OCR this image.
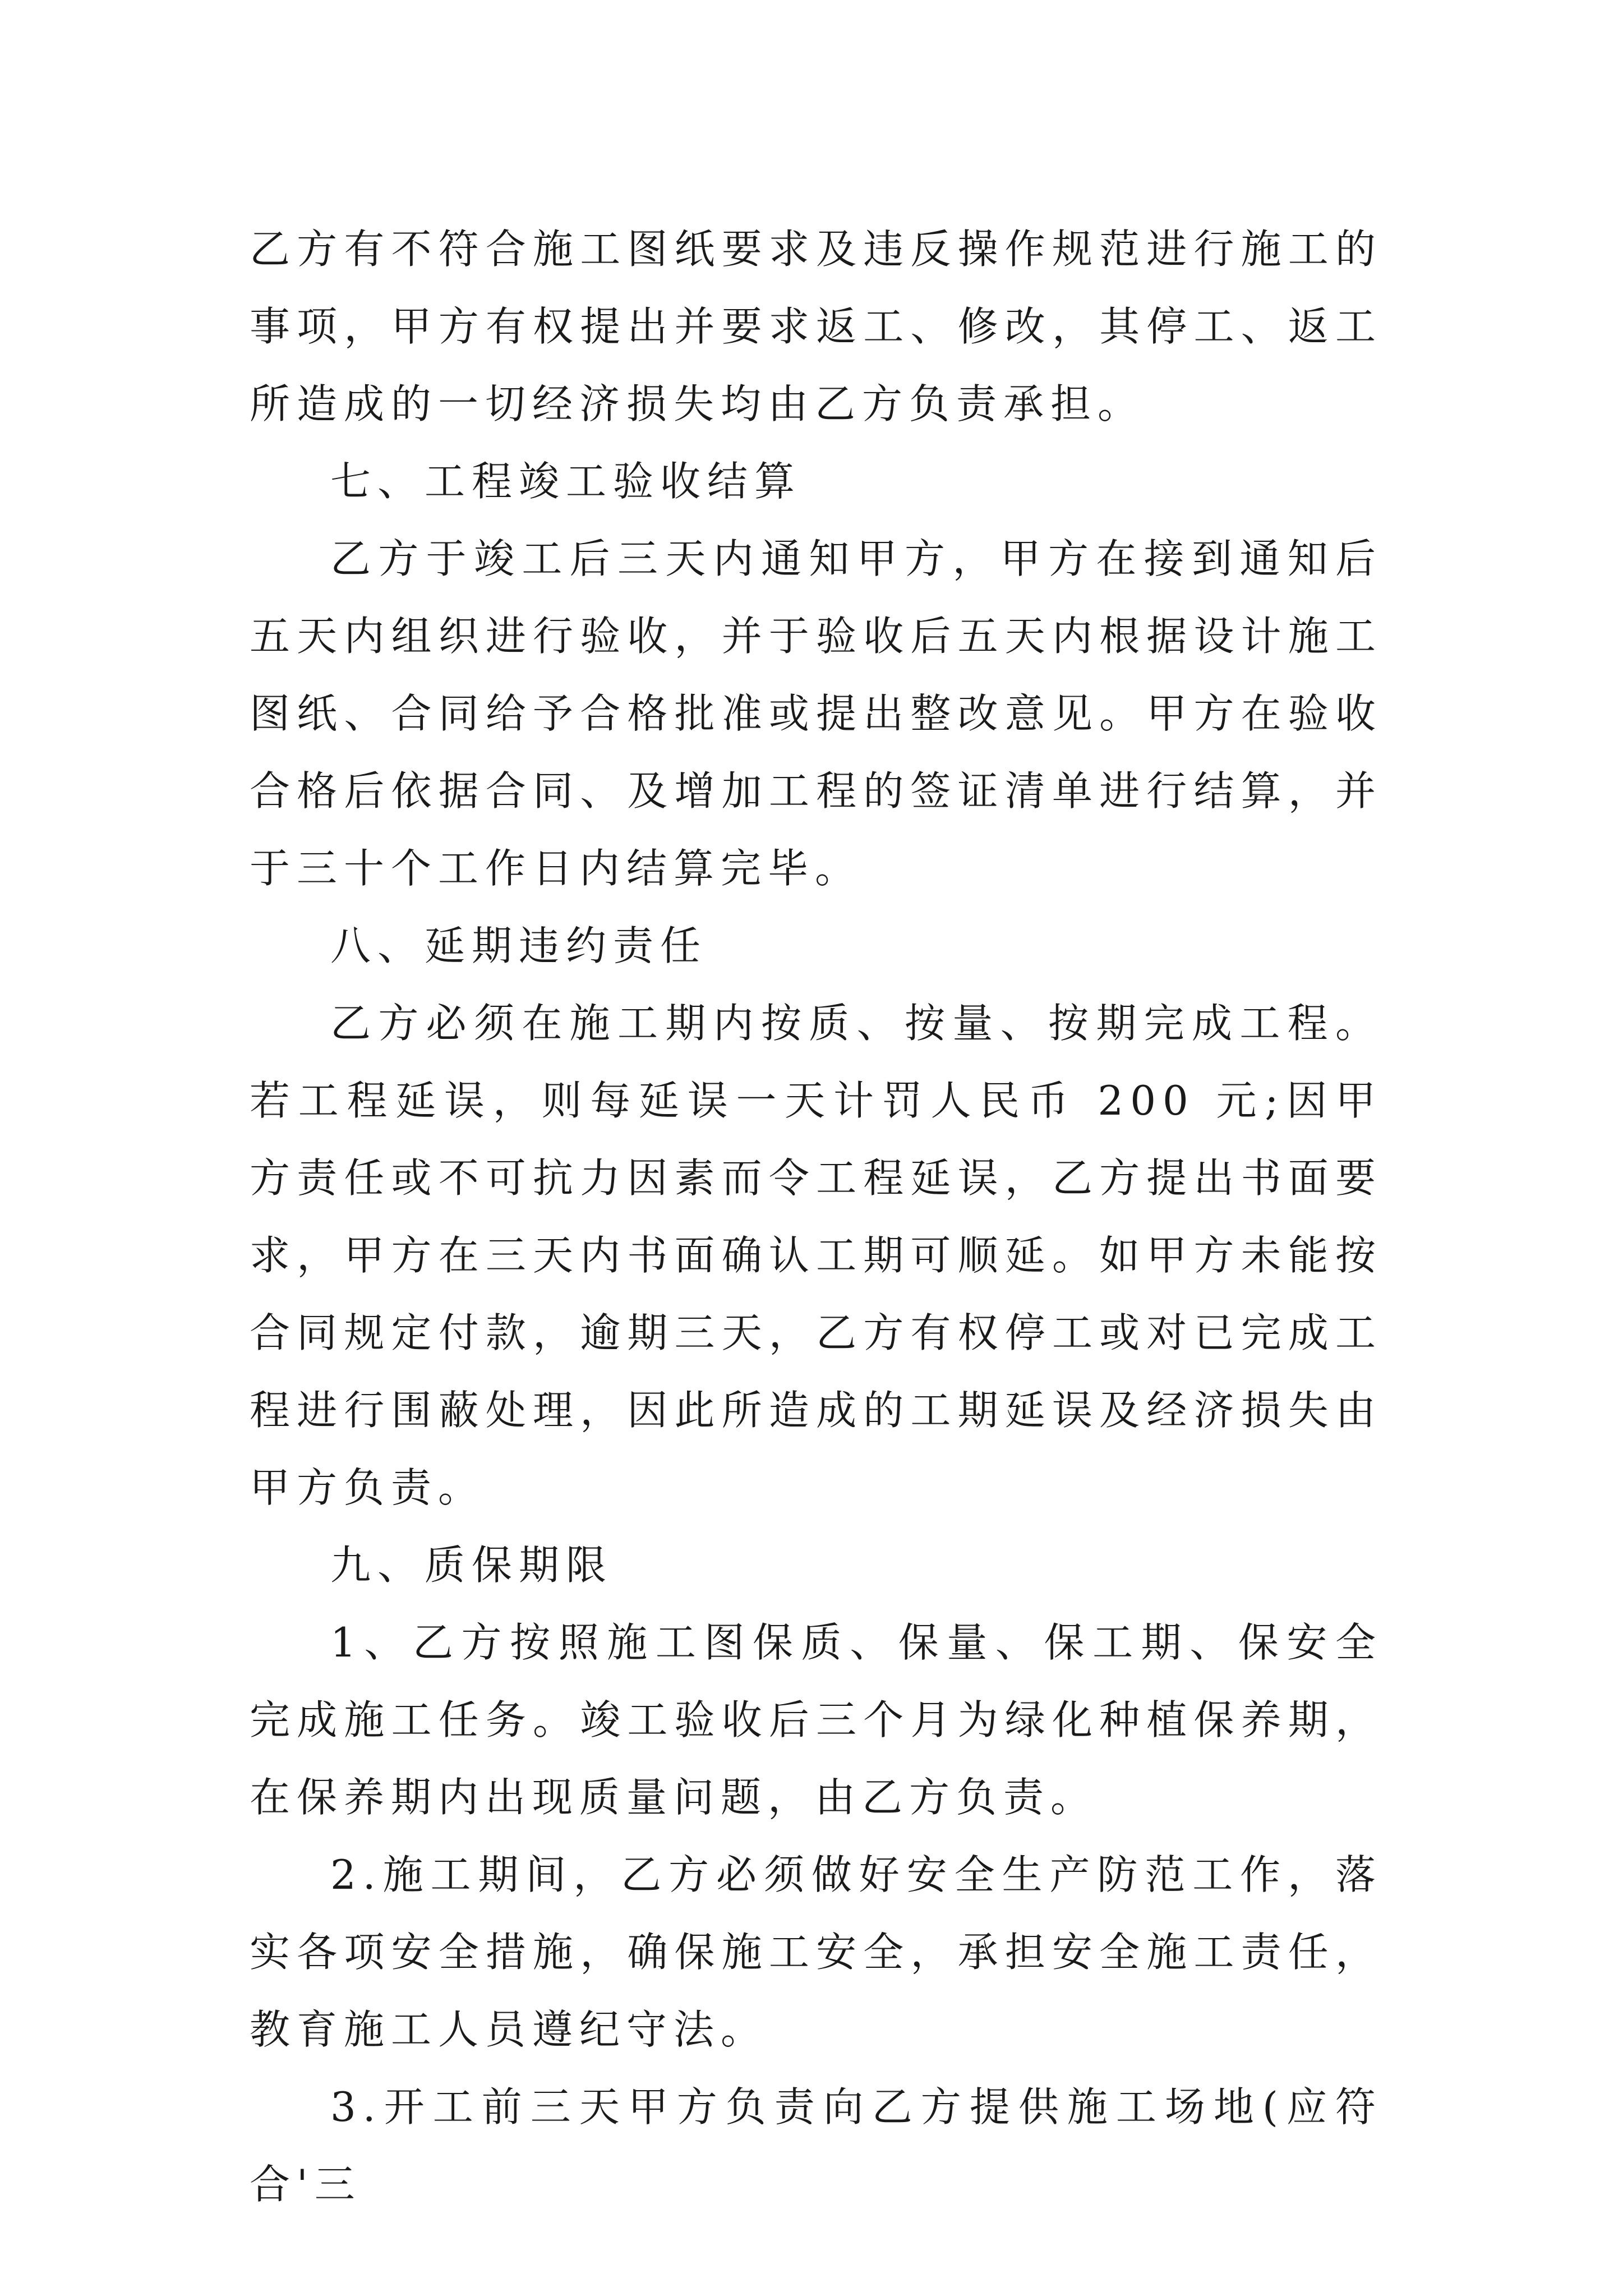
乙方有不符合施工图纸要求及违反操作规范进行施工的事项，甲方有权提出并要求返工、修改，其停工、返工所造成的一切经济损失均由乙方负责承担。

七、工程竣工验收结算

乙方于竣工后三天内通知甲方，甲方在接到通知后五天内组织进行验收，并于验收后五天内根据设计施工图纸、合同给予合格批准或提出整改意见。甲方在验收合格后依据合同、及增加工程的签证清单进行结算，并于三十个工作日内结算完毕。

八、延期违约责任

乙方必须在施工期内按质、按量、按期完成工程。若工程延误，则每延误一天计罚人民币 200 元;因甲方责任或不可抗力因素而令工程延误，乙方提出书面要求，甲方在三天内书面确认工期可顺延。如甲方未能按合同规定付款，逾期三天，乙方有权停工或对已完成工程进行围蔽处理，因此所造成的工期延误及经济损失由甲方负责。

九、质保期限

1、乙方按照施工图保质、保量、保工期、保安全完成施工任务。竣工验收后三个月为绿化种植保养期，在保养期内出现质量问题，由乙方负责。

2.施工期间，乙方必须做好安全生产防范工作，落实各项安全措施，确保施工安全，承担安全施工责任，教育施工人员遵纪守法。

3.开工前三天甲方负责向乙方提供施工场地(应符合'三
